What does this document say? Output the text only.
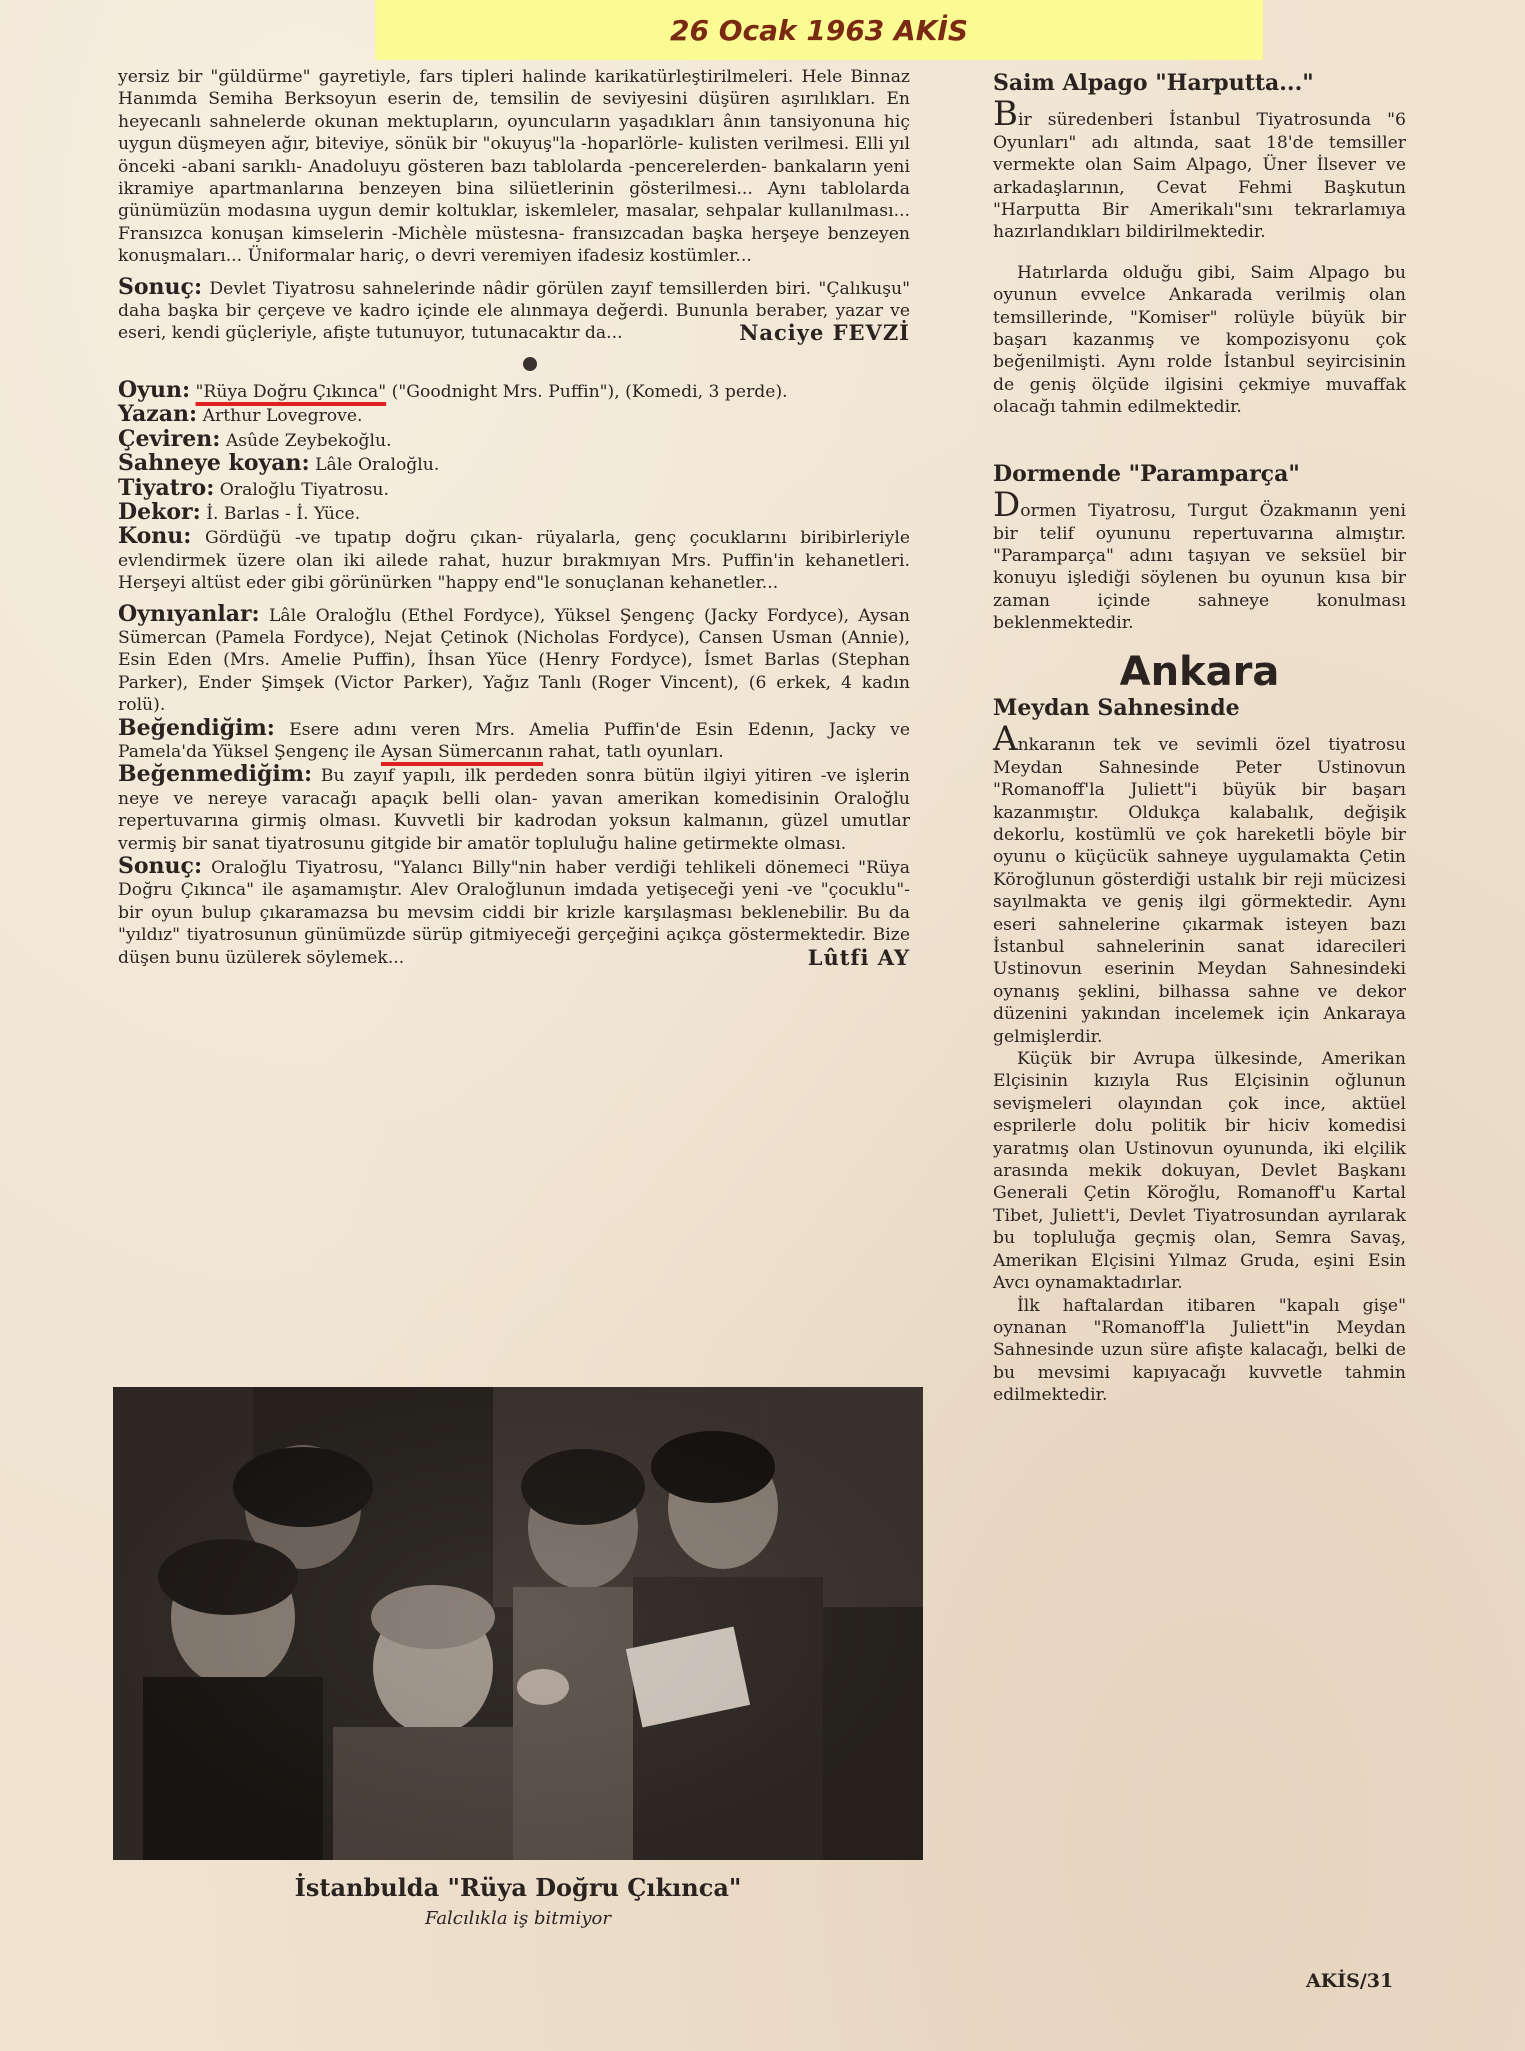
26 Ocak 1963 AKİS

yersiz bir "güldürme" gayretiyle, fars tipleri halinde karikatürleştirilmeleri. Hele Binnaz Hanımda Semiha Berksoyun eserin de, temsilin de seviyesini düşüren aşırılıkları. En heyecanlı sahnelerde okunan mektupların, oyuncuların yaşadıkları ânın tansiyonuna hiç uygun düşmeyen ağır, biteviye, sönük bir "okuyuş"la -hoparlörle- kulisten verilmesi. Elli yıl önceki -abani sarıklı- Anadoluyu gösteren bazı tablolarda -pencerelerden- bankaların yeni ikramiye apartmanlarına benzeyen bina silüetlerinin gösterilmesi... Aynı tablolarda günümüzün modasına uygun demir koltuklar, iskemleler, masalar, sehpalar kullanılması... Fransızca konuşan kimselerin -Michèle müstesna- fransızcadan başka herşeye benzeyen konuşmaları... Üniformalar hariç, o devri veremiyen ifadesiz kostümler...

Sonuç: Devlet Tiyatrosu sahnelerinde nâdir görülen zayıf temsillerden biri. "Çalıkuşu" daha başka bir çerçeve ve kadro içinde ele alınmaya değerdi. Bununla beraber, yazar ve eseri, kendi güçleriyle, afişte tutunuyor, tutunacaktır da...	Naciye FEVZİ

Oyun: "Rüya Doğru Çıkınca" ("Goodnight Mrs. Puffin"), (Komedi, 3 perde).

Yazan: Arthur Lovegrove.

Çeviren: Asûde Zeybekoğlu.

Sahneye koyan: Lâle Oraloğlu.

Tiyatro: Oraloğlu Tiyatrosu.

Dekor: İ. Barlas - İ. Yüce.

Konu: Gördüğü -ve tıpatıp doğru çıkan- rüyalarla, genç çocuklarını biribirleriyle evlendirmek üzere olan iki ailede rahat, huzur bırakmıyan Mrs. Puffin'in kehanetleri. Herşeyi altüst eder gibi görünürken "happy end"le sonuçlanan kehanetler...

Oynıyanlar: Lâle Oraloğlu (Ethel Fordyce), Yüksel Şengenç (Jacky Fordyce), Aysan Sümercan (Pamela Fordyce), Nejat Çetinok (Nicholas Fordyce), Cansen Usman (Annie), Esin Eden (Mrs. Amelie Puffin), İhsan Yüce (Henry Fordyce), İsmet Barlas (Stephan Parker), Ender Şimşek (Victor Parker), Yağız Tanlı (Roger Vincent), (6 erkek, 4 kadın rolü).

Beğendiğim: Esere adını veren Mrs. Amelia Puffin'de Esin Edenın, Jacky ve Pamela'da Yüksel Şengenç ile Aysan Sümercanın rahat, tatlı oyunları.

Beğenmediğim: Bu zayıf yapılı, ilk perdeden sonra bütün ilgiyi yitiren -ve işlerin neye ve nereye varacağı apaçık belli olan- yavan amerikan komedisinin Oraloğlu repertuvarına girmiş olması. Kuvvetli bir kadrodan yoksun kalmanın, güzel umutlar vermiş bir sanat tiyatrosunu gitgide bir amatör topluluğu haline getirmekte olması.

Sonuç: Oraloğlu Tiyatrosu, "Yalancı Billy"nin haber verdiği tehlikeli dönemeci "Rüya Doğru Çıkınca" ile aşamamıştır. Alev Oraloğlunun imdada yetişeceği yeni -ve "çocuklu"- bir oyun bulup çıkaramazsa bu mevsim ciddi bir krizle karşılaşması beklenebilir. Bu da "yıldız" tiyatrosunun günümüzde sürüp gitmiyeceği gerçeğini açıkça göstermektedir. Bize düşen bunu üzülerek söylemek...	Lûtfi AY

İstanbulda "Rüya Doğru Çıkınca"
Falcılıkla iş bitmiyor
Saim Alpago "Harputta..."

Bir süredenberi İstanbul Tiyatrosunda "6 Oyunları" adı altında, saat 18'de temsiller vermekte olan Saim Alpago, Üner İlsever ve arkadaşlarının, Cevat Fehmi Başkutun "Harputta Bir Amerikalı"sını tekrarlamıya hazırlandıkları bildirilmektedir.

Hatırlarda olduğu gibi, Saim Alpago bu oyunun evvelce Ankarada verilmiş olan temsillerinde, "Komiser" rolüyle büyük bir başarı kazanmış ve kompozisyonu çok beğenilmişti. Aynı rolde İstanbul seyircisinin de geniş ölçüde ilgisini çekmiye muvaffak olacağı tahmin edilmektedir.

Dormende "Paramparça"

Dormen Tiyatrosu, Turgut Özakmanın yeni bir telif oyununu repertuvarına almıştır. "Paramparça" adını taşıyan ve seksüel bir konuyu işlediği söylenen bu oyunun kısa bir zaman içinde sahneye konulması beklenmektedir.

Ankara
Meydan Sahnesinde

Ankaranın tek ve sevimli özel tiyatrosu Meydan Sahnesinde Peter Ustinovun "Romanoff'la Juliett"i büyük bir başarı kazanmıştır. Oldukça kalabalık, değişik dekorlu, kostümlü ve çok hareketli böyle bir oyunu o küçücük sahneye uygulamakta Çetin Köroğlunun gösterdiği ustalık bir reji mücizesi sayılmakta ve geniş ilgi görmektedir. Aynı eseri sahnelerine çıkarmak isteyen bazı İstanbul sahnelerinin sanat idarecileri Ustinovun eserinin Meydan Sahnesindeki oynanış şeklini, bilhassa sahne ve dekor düzenini yakından incelemek için Ankaraya gelmişlerdir.

Küçük bir Avrupa ülkesinde, Amerikan Elçisinin kızıyla Rus Elçisinin oğlunun sevişmeleri olayından çok ince, aktüel esprilerle dolu politik bir hiciv komedisi yaratmış olan Ustinovun oyununda, iki elçilik arasında mekik dokuyan, Devlet Başkanı Generali Çetin Köroğlu, Romanoff'u Kartal Tibet, Juliett'i, Devlet Tiyatrosundan ayrılarak bu topluluğa geçmiş olan, Semra Savaş, Amerikan Elçisini Yılmaz Gruda, eşini Esin Avcı oynamaktadırlar.

İlk haftalardan itibaren "kapalı gişe" oynanan "Romanoff'la Juliett"in Meydan Sahnesinde uzun süre afişte kalacağı, belki de bu mevsimi kapıyacağı kuvvetle tahmin edilmektedir.

AKİS/31
